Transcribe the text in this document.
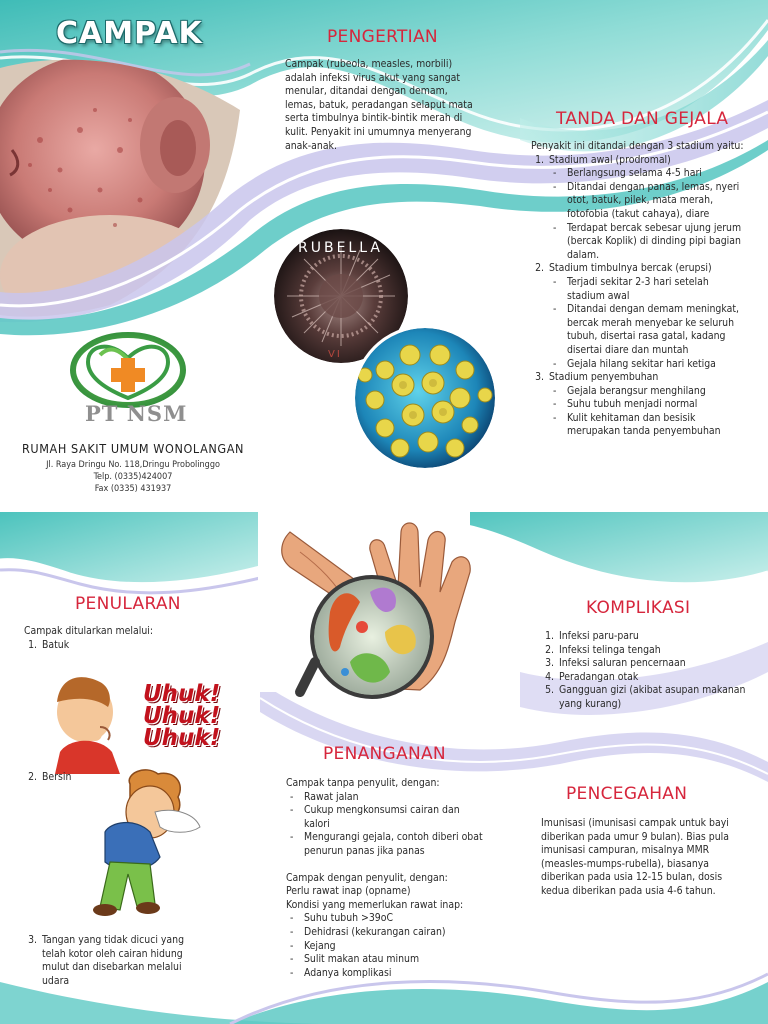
RUBELLA
VI
CAMPAK	PENGERTIAN

Campak (rubeola, measles, morbili) adalah infeksi virus akut yang sangat menular, ditandai dengan demam, lemas, batuk, peradangan selaput mata serta timbulnya bintik-bintik merah di kulit. Penyakit ini umumnya menyerang anak-anak.

TANDA DAN GEJALA

Penyakit ini ditandai dengan 3 stadium yaitu:

1. Stadium awal (prodromal)
- Berlangsung selama 4-5 hari
- Ditandai dengan panas, lemas, nyeri otot, batuk, pilek, mata merah, fotofobia (takut cahaya), diare
- Terdapat bercak sebesar ujung jerum (bercak Koplik) di dinding pipi bagian dalam.
2. Stadium timbulnya bercak (erupsi)
- Terjadi sekitar 2-3 hari setelah stadium awal
- Ditandai dengan demam meningkat, bercak merah menyebar ke seluruh tubuh, disertai rasa gatal, kadang disertai diare dan muntah
- Gejala hilang sekitar hari ketiga
3. Stadium penyembuhan
- Gejala berangsur menghilang
- Suhu tubuh menjadi normal
- Kulit kehitaman dan besisik merupakan tanda penyembuhan
PT NSM
RUMAH SAKIT UMUM WONOLANGAN
Jl. Raya Dringu No. 118,Dringu Probolinggo
Telp. (0335)424007
Fax (0335) 431937
PENULARAN

Campak ditularkan melalui:

1. Batuk
Uhuk!
Uhuk!
Uhuk!
2. Bersin
3. Tangan yang tidak dicuci yang telah kotor oleh cairan hidung mulut dan disebarkan melalui udara
KOMPLIKASI
1. Infeksi paru-paru
2. Infeksi telinga tengah
3. Infeksi saluran pencernaan
4. Peradangan otak
5. Gangguan gizi (akibat asupan makanan yang kurang)
PENANGANAN

Campak tanpa penyulit, dengan:

- Rawat jalan
- Cukup mengkonsumsi cairan dan kalori
- Mengurangi gejala, contoh diberi obat penurun panas jika panas

Campak dengan penyulit, dengan:

Perlu rawat inap (opname)

Kondisi yang memerlukan rawat inap:

- Suhu tubuh >39oC
- Dehidrasi (kekurangan cairan)
- Kejang
- Sulit makan atau minum
- Adanya komplikasi
PENCEGAHAN

Imunisasi (imunisasi campak untuk bayi diberikan pada umur 9 bulan). Bias pula imunisasi campuran, misalnya MMR (measles-mumps-rubella), biasanya diberikan pada usia 12-15 bulan, dosis kedua diberikan pada usia 4-6 tahun.
